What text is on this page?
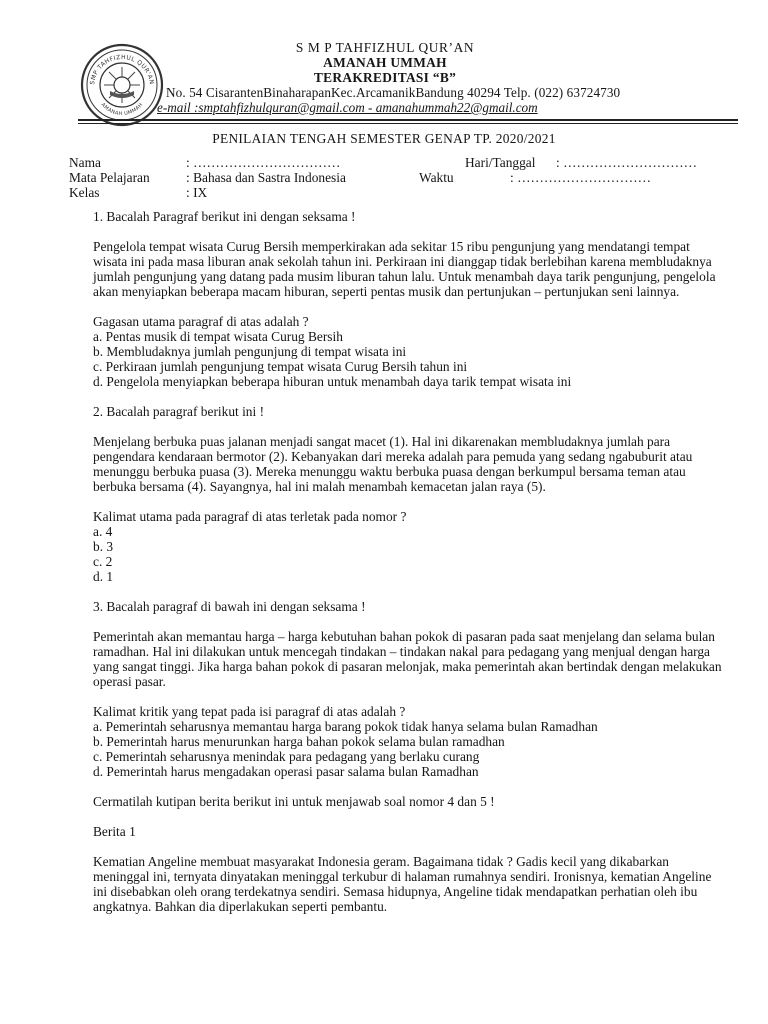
SMP TAHFIZHUL QUR'AN
AMANAH UMMAH
S M P TAHFIZHUL QUR’AN
AMANAH UMMAH
TERAKREDITASI “B”
No. 54 CisarantenBinaharapanKec.ArcamanikBandung 40294 Telp. (022) 63724730
e-mail :smptahfizhulquran@gmail.com - amanahummah22@gmail.com
PENILAIAN TENGAH SEMESTER GENAP TP. 2020/2021
Nama	: ……………………………	Hari/Tanggal : …………………………
Mata Pelajaran	: Bahasa dan Sastra Indonesia	Waktu	: …………………………
Kelas	: IX

1. Bacalah Paragraf berikut ini dengan seksama !

Pengelola tempat wisata Curug Bersih memperkirakan ada sekitar 15 ribu pengunjung yang mendatangi tempat wisata ini pada masa liburan anak sekolah tahun ini. Perkiraan ini dianggap tidak berlebihan karena membludaknya jumlah pengunjung yang datang pada musim liburan tahun lalu. Untuk menambah daya tarik pengunjung, pengelola akan menyiapkan beberapa macam hiburan, seperti pentas musik dan pertunjukan – pertunjukan seni lainnya.

Gagasan utama paragraf di atas adalah ?

a. Pentas musik di tempat wisata Curug Bersih

b. Membludaknya jumlah pengunjung di tempat wisata ini

c. Perkiraan jumlah pengunjung tempat wisata Curug Bersih tahun ini

d. Pengelola menyiapkan beberapa hiburan untuk menambah daya tarik tempat wisata ini

2. Bacalah paragraf berikut ini !

Menjelang berbuka puas jalanan menjadi sangat macet (1). Hal ini dikarenakan membludaknya jumlah para pengendara kendaraan bermotor (2). Kebanyakan dari mereka adalah para pemuda yang sedang ngabuburit atau menunggu berbuka puasa (3). Mereka menunggu waktu berbuka puasa dengan berkumpul bersama teman atau berbuka bersama (4). Sayangnya, hal ini malah menambah kemacetan jalan raya (5).

Kalimat utama pada paragraf di atas terletak pada nomor ?

a. 4

b. 3

c. 2

d. 1

3. Bacalah paragraf di bawah ini dengan seksama !

Pemerintah akan memantau harga – harga kebutuhan bahan pokok di pasaran pada saat menjelang dan selama bulan ramadhan. Hal ini dilakukan untuk mencegah tindakan – tindakan nakal para pedagang yang menjual dengan harga yang sangat tinggi. Jika harga bahan pokok di pasaran melonjak, maka pemerintah akan bertindak dengan melakukan operasi pasar.

Kalimat kritik yang tepat pada isi paragraf di atas adalah ?

a. Pemerintah seharusnya memantau harga barang pokok tidak hanya selama bulan Ramadhan

b. Pemerintah harus menurunkan harga bahan pokok selama bulan ramadhan

c. Pemerintah seharusnya menindak para pedagang yang berlaku curang

d. Pemerintah harus mengadakan operasi pasar salama bulan Ramadhan

Cermatilah kutipan berita berikut ini untuk menjawab soal nomor 4 dan 5 !

Berita 1

Kematian Angeline membuat masyarakat Indonesia geram. Bagaimana tidak ? Gadis kecil yang dikabarkan meninggal ini, ternyata dinyatakan meninggal terkubur di halaman rumahnya sendiri. Ironisnya, kematian Angeline ini disebabkan oleh orang terdekatnya sendiri. Semasa hidupnya, Angeline tidak mendapatkan perhatian oleh ibu angkatnya. Bahkan dia diperlakukan seperti pembantu.
